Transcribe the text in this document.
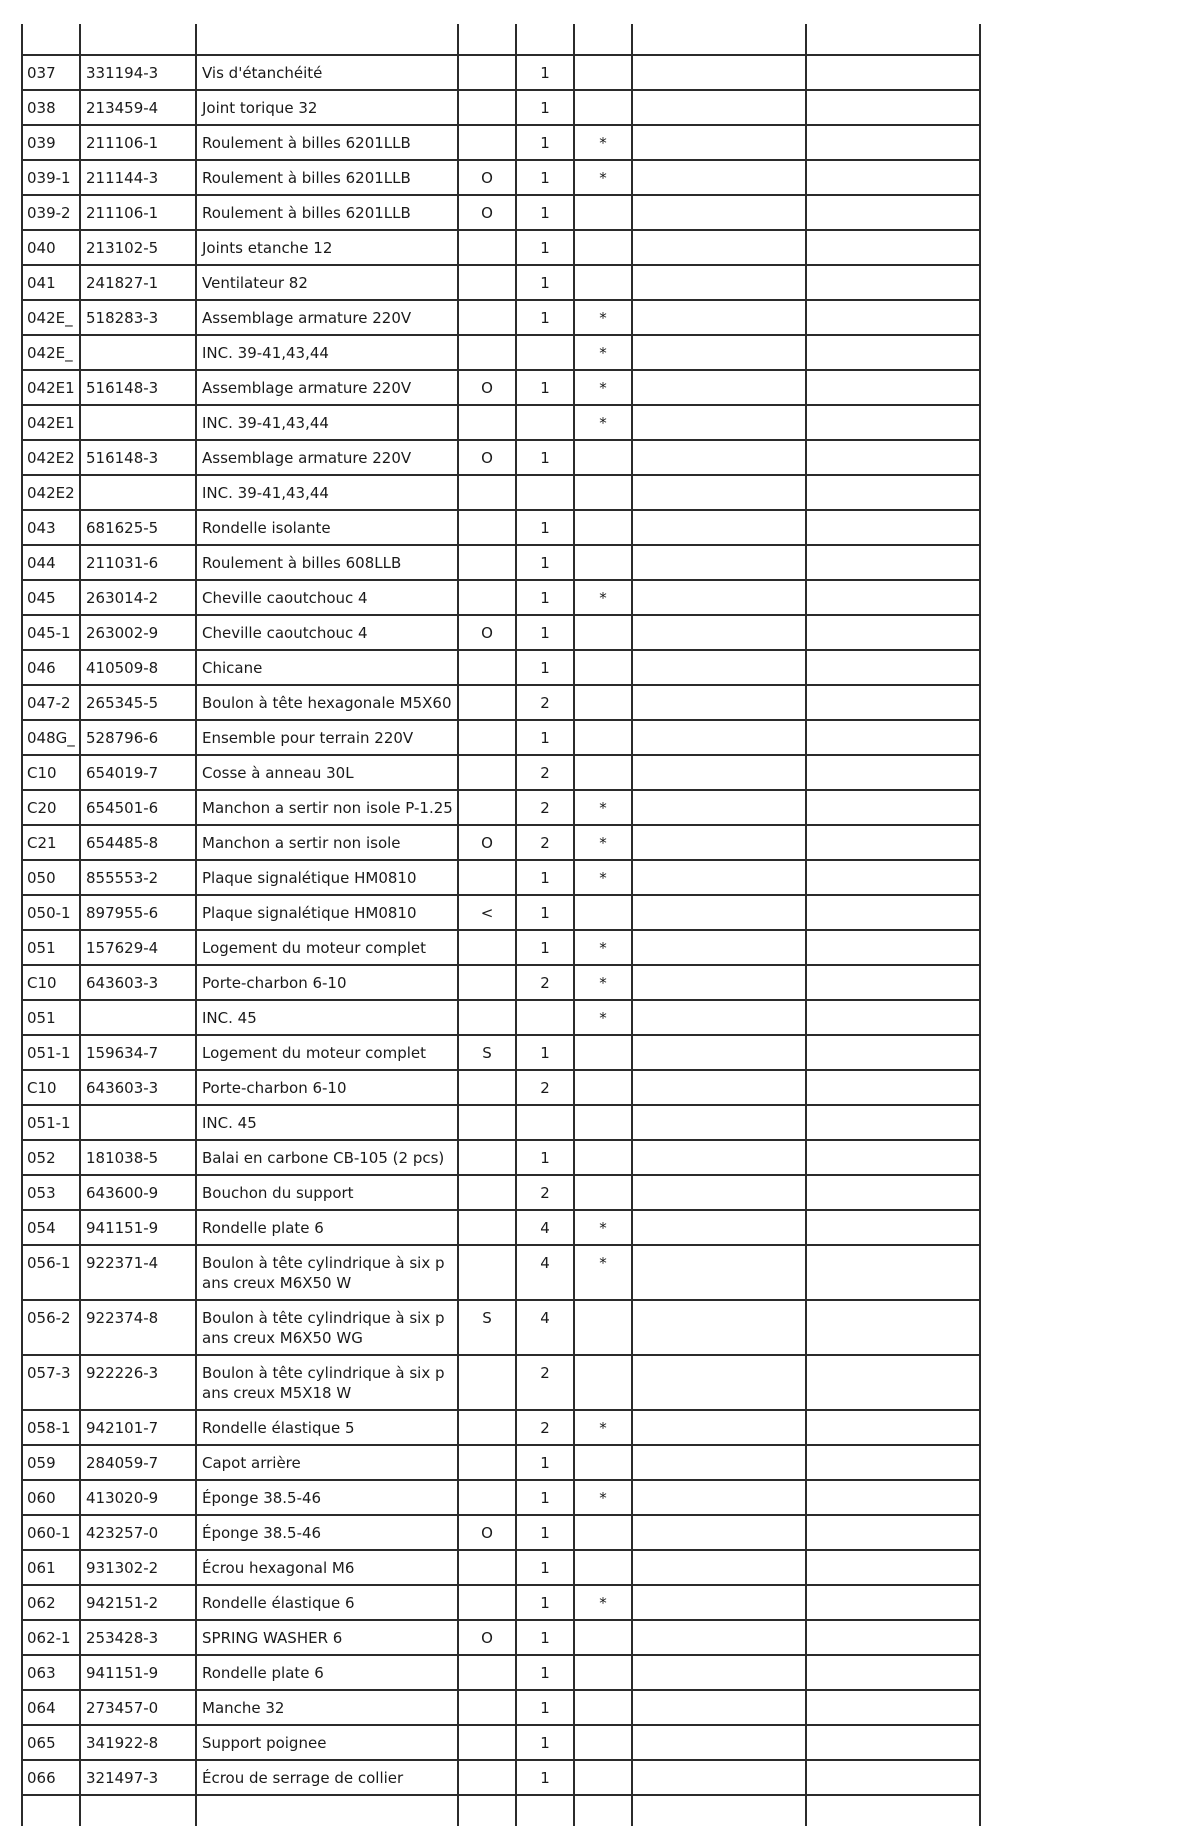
037	331194-3	Vis d'étanchéité		1			
038	213459-4	Joint torique 32		1			
039	211106-1	Roulement à billes 6201LLB		1	*		
039-1	211144-3	Roulement à billes 6201LLB	O	1	*		
039-2	211106-1	Roulement à billes 6201LLB	O	1			
040	213102-5	Joints etanche 12		1			
041	241827-1	Ventilateur 82		1			
042E_	518283-3	Assemblage armature 220V		1	*		
042E_		INC. 39-41,43,44			*		
042E1	516148-3	Assemblage armature 220V	O	1	*		
042E1		INC. 39-41,43,44			*		
042E2	516148-3	Assemblage armature 220V	O	1			
042E2		INC. 39-41,43,44					
043	681625-5	Rondelle isolante		1			
044	211031-6	Roulement à billes 608LLB		1			
045	263014-2	Cheville caoutchouc 4		1	*		
045-1	263002-9	Cheville caoutchouc 4	O	1			
046	410509-8	Chicane		1			
047-2	265345-5	Boulon à tête hexagonale M5X60		2			
048G_	528796-6	Ensemble pour terrain 220V		1			
C10	654019-7	Cosse à anneau 30L		2			
C20	654501-6	Manchon a sertir non isole P-1.25		2	*		
C21	654485-8	Manchon a sertir non isole	O	2	*		
050	855553-2	Plaque signalétique HM0810		1	*		
050-1	897955-6	Plaque signalétique HM0810	<	1			
051	157629-4	Logement du moteur complet		1	*		
C10	643603-3	Porte-charbon 6-10		2	*		
051		INC. 45			*		
051-1	159634-7	Logement du moteur complet	S	1			
C10	643603-3	Porte-charbon 6-10		2			
051-1		INC. 45					
052	181038-5	Balai en carbone CB-105 (2 pcs)		1			
053	643600-9	Bouchon du support		2			
054	941151-9	Rondelle plate 6		4	*		
056-1	922371-4	Boulon à tête cylindrique à six pans creux M6X50 W		4	*		
056-2	922374-8	Boulon à tête cylindrique à six pans creux M6X50 WG	S	4			
057-3	922226-3	Boulon à tête cylindrique à six pans creux M5X18 W		2			
058-1	942101-7	Rondelle élastique 5		2	*		
059	284059-7	Capot arrière		1			
060	413020-9	Éponge 38.5-46		1	*		
060-1	423257-0	Éponge 38.5-46	O	1			
061	931302-2	Écrou hexagonal M6		1			
062	942151-2	Rondelle élastique 6		1	*		
062-1	253428-3	SPRING WASHER 6	O	1			
063	941151-9	Rondelle plate 6		1			
064	273457-0	Manche 32		1			
065	341922-8	Support poignee		1			
066	321497-3	Écrou de serrage de collier		1			
